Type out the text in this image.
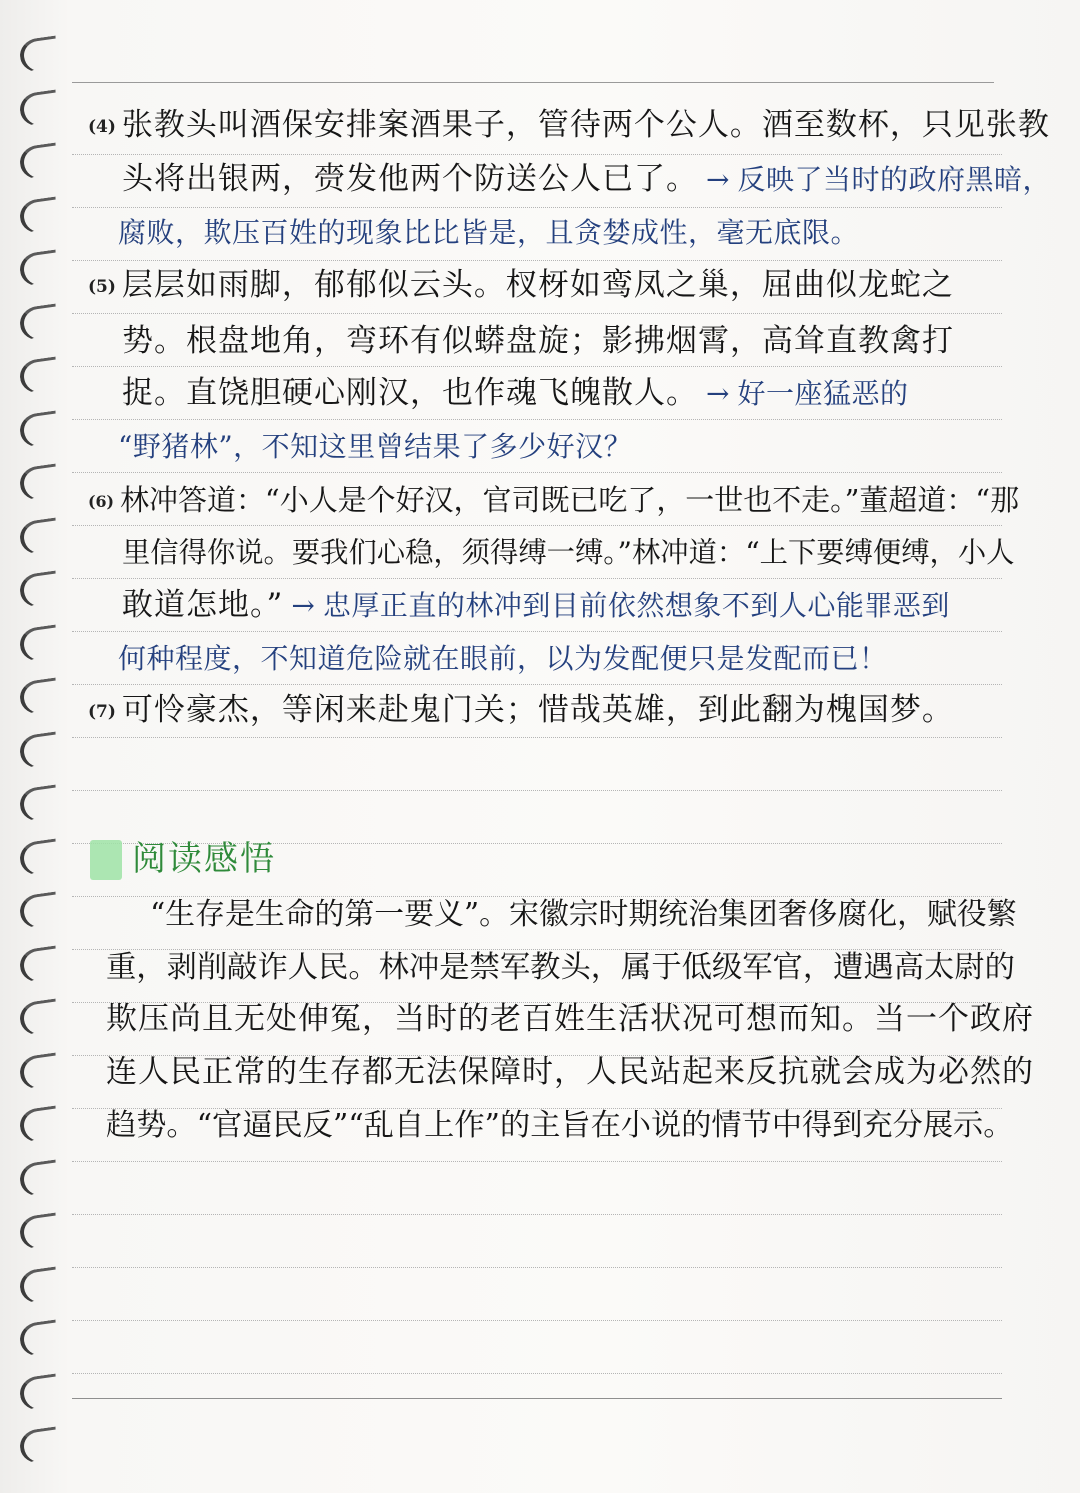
(4) 张教头叫酒保安排案酒果子，管待两个公人。酒至数杯，只见张教
头将出银两，赍发他两个防送公人已了。 → 反映了当时的政府黑暗，
腐败，欺压百姓的现象比比皆是，且贪婪成性，毫无底限。
(5) 层层如雨脚，郁郁似云头。杈枒如鸾凤之巢，屈曲似龙蛇之
势。根盘地角，弯环有似蟒盘旋；影拂烟霄，高耸直教禽打
捉。直饶胆硬心刚汉，也作魂飞魄散人。 → 好一座猛恶的
“野猪林”，不知这里曾结果了多少好汉？
(6) 林冲答道：“小人是个好汉，官司既已吃了，一世也不走。”董超道：“那
里信得你说。要我们心稳，须得缚一缚。”林冲道：“上下要缚便缚，小人
敢道怎地。” → 忠厚正直的林冲到目前依然想象不到人心能罪恶到
何种程度，不知道危险就在眼前，以为发配便只是发配而已！
(7) 可怜豪杰，等闲来赴鬼门关；惜哉英雄，到此翻为槐国梦。
阅读感悟
“生存是生命的第一要义”。宋徽宗时期统治集团奢侈腐化，赋役繁
重，剥削敲诈人民。林冲是禁军教头，属于低级军官，遭遇高太尉的
欺压尚且无处伸冤，当时的老百姓生活状况可想而知。当一个政府
连人民正常的生存都无法保障时，人民站起来反抗就会成为必然的
趋势。“官逼民反”“乱自上作”的主旨在小说的情节中得到充分展示。
